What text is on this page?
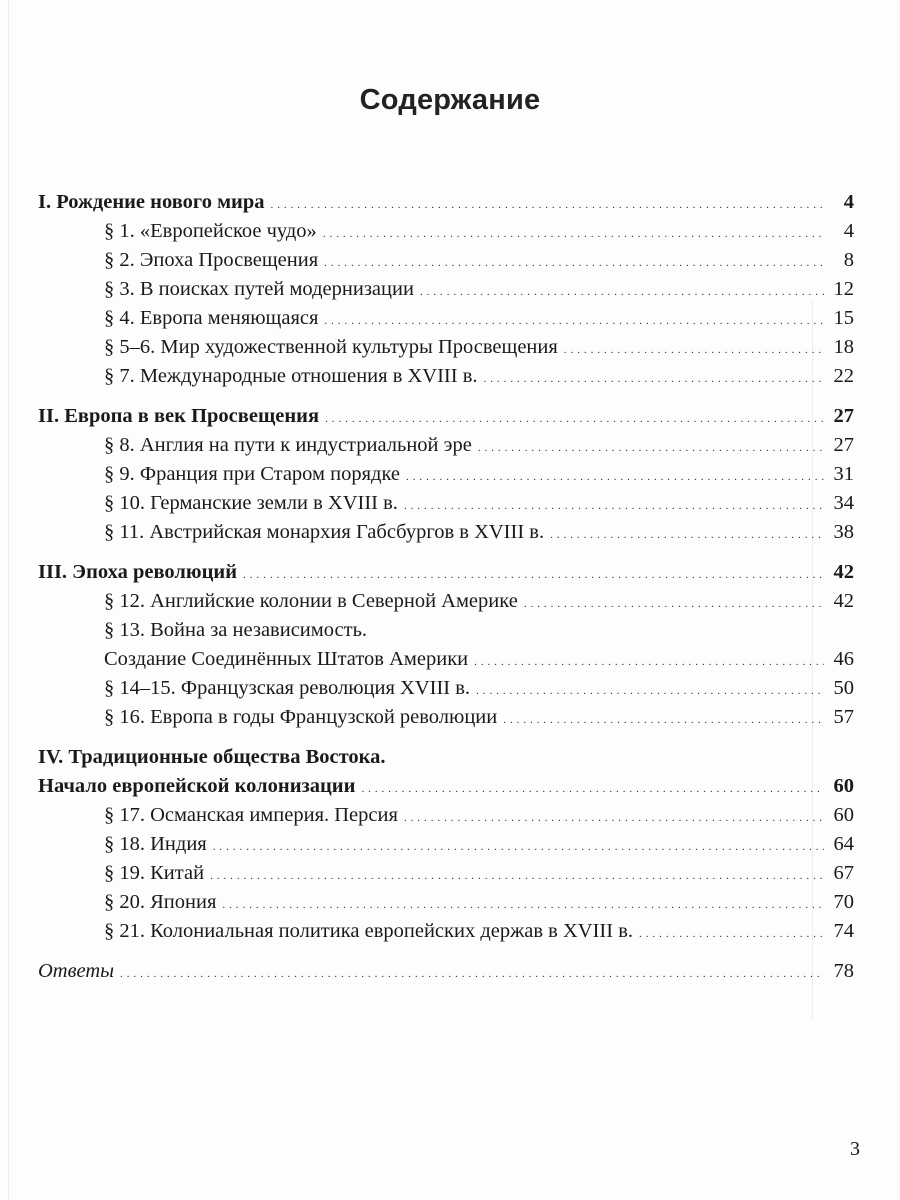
Содержание
I. Рождение нового мира . . .	4
§ 1. «Европейское чудо» . . .	4
§ 2. Эпоха Просвещения . . .	8
§ 3. В поисках путей модернизации . . .	12
§ 4. Европа меняющаяся . . .	15
§ 5–6. Мир художественной культуры Просвещения . . .	18
§ 7. Международные отношения в XVIII в. . . .	22
II. Европа в век Просвещения . . .	27
§ 8. Англия на пути к индустриальной эре . . .	27
§ 9. Франция при Старом порядке . . .	31
§ 10. Германские земли в XVIII в. . . .	34
§ 11. Австрийская монархия Габсбургов в XVIII в. . . .	38
III. Эпоха революций . . .	42
§ 12. Английские колонии в Северной Америке . . .	42
§ 13. Война за независимость.
Создание Соединённых Штатов Америки . . .	46
§ 14–15. Французская революция XVIII в. . . .	50
§ 16. Европа в годы Французской революции . . .	57
IV. Традиционные общества Востока.
Начало европейской колонизации . . .	60
§ 17. Османская империя. Персия . . .	60
§ 18. Индия . . .	64
§ 19. Китай . . .	67
§ 20. Япония . . .	70
§ 21. Колониальная политика европейских держав в XVIII в. . . .	74
Ответы . . .	78
3
